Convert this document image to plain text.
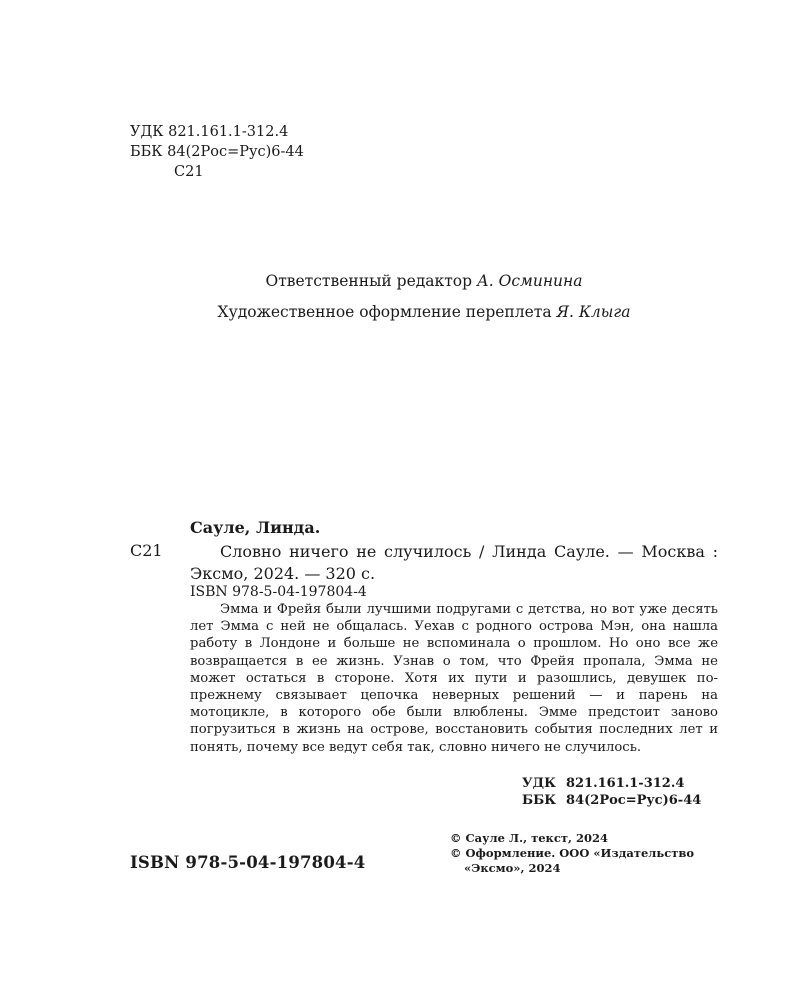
УДК 821.161.1-312.4
ББК 84(2Рос=Рус)6-44
С21
Ответственный редактор А. Осминина
Художественное оформление переплета Я. Клыга
Сауле, Линда.
С21	Словно ничего не случилось / Линда Сауле. — Москва : Эксмо, 2024. — 320 с.
ISBN 978-5-04-197804-4
Эмма и Фрейя были лучшими подругами с детства, но вот уже десять лет Эмма с ней не общалась. Уехав с родного острова Мэн, она нашла работу в Лондоне и больше не вспоминала о прошлом. Но оно все же возвращается в ее жизнь. Узнав о том, что Фрейя пропала, Эмма не может остаться в стороне. Хотя их пути и разошлись, девушек по-прежнему связывает цепочка неверных решений — и парень на мотоцикле, в которого обе были влюблены. Эмме предстоит заново погрузиться в жизнь на острове, восстановить события последних лет и понять, почему все ведут себя так, словно ничего не случилось.
УДК 821.161.1-312.4
ББК 84(2Рос=Рус)6-44
ISBN 978-5-04-197804-4
© Сауле Л., текст, 2024
© Оформление. ООО «Издательство
«Эксмо», 2024
